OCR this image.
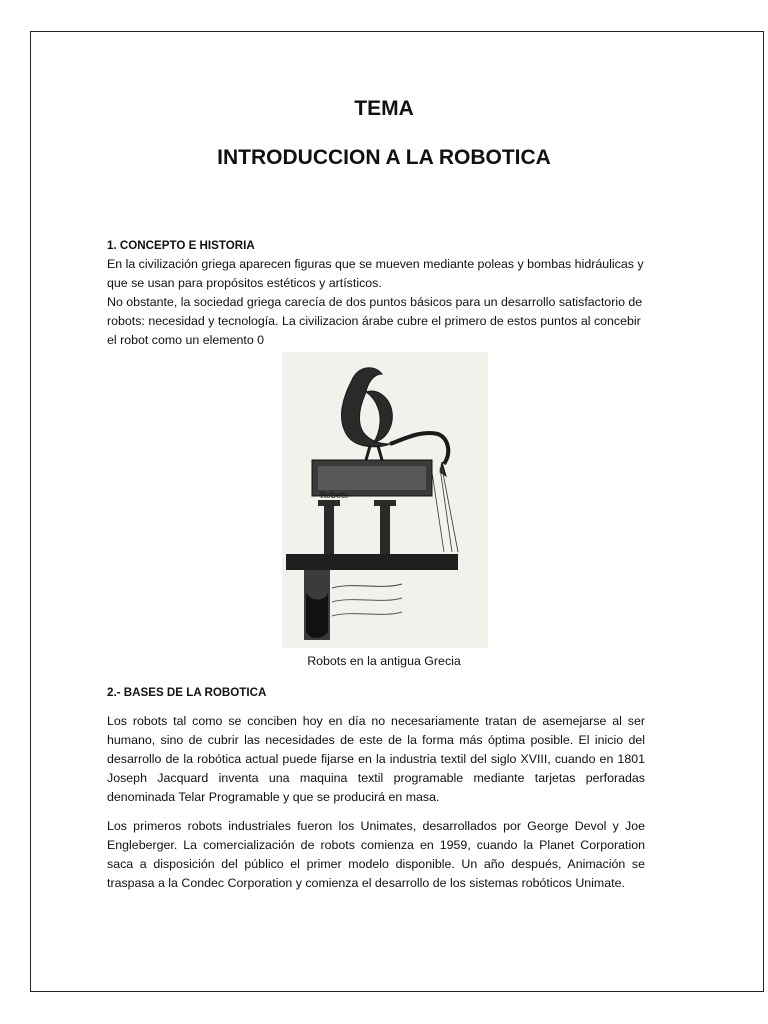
TEMA
INTRODUCCION A LA ROBOTICA
1. CONCEPTO E HISTORIA

En la civilización griega aparecen figuras que se mueven mediante poleas y bombas hidráulicas y que se usan para propósitos estéticos y artísticos.

No obstante, la sociedad griega carecía de dos puntos básicos para un desarrollo satisfactorio de robots: necesidad y tecnología. La civilizacion árabe cubre el primero de estos puntos al concebir el robot como un elemento 0

Robots
Robots en la antigua Grecia
2.- BASES DE LA ROBOTICA

Los robots tal como se conciben hoy en día no necesariamente tratan de asemejarse al ser humano, sino de cubrir las necesidades de este de la forma más óptima posible. El inicio del desarrollo de la robótica actual puede fijarse en la industria textil del siglo XVIII, cuando en 1801 Joseph Jacquard inventa una maquina textil programable mediante tarjetas perforadas denominada Telar Programable y que se producirá en masa.

Los primeros robots industriales fueron los Unimates, desarrollados por George Devol y Joe Engleberger. La comercialización de robots comienza en 1959, cuando la Planet Corporation saca a disposición del público el primer modelo disponible. Un año después, Animación se traspasa a la Condec Corporation y comienza el desarrollo de los sistemas robóticos Unimate.
